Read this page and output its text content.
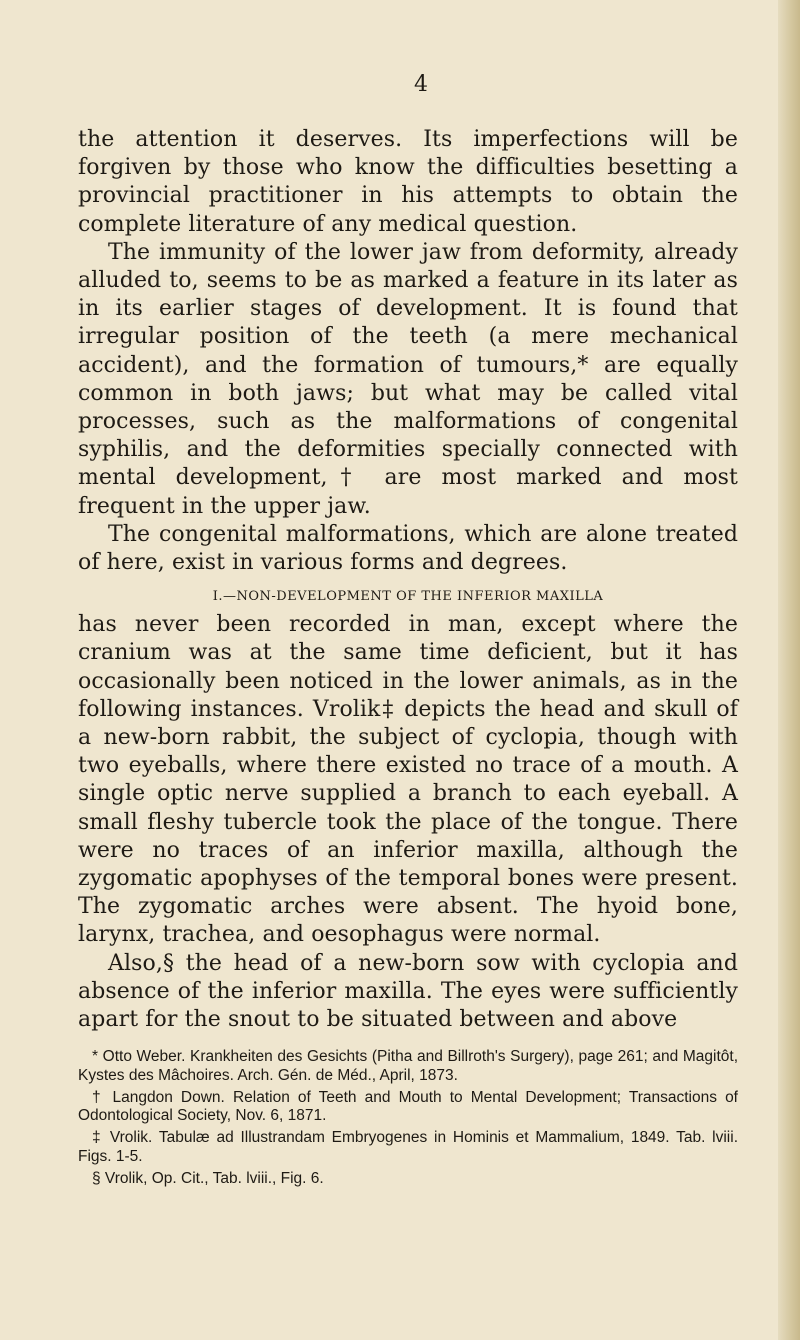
4

the attention it deserves. Its imperfections will be forgiven by those who know the difficulties besetting a provincial practitioner in his attempts to obtain the complete literature of any medical question.

The immunity of the lower jaw from deformity, already alluded to, seems to be as marked a feature in its later as in its earlier stages of development. It is found that irregular position of the teeth (a mere mechanical accident), and the formation of tumours,* are equally common in both jaws; but what may be called vital processes, such as the malformations of congenital syphilis, and the deformities specially connected with mental development,† are most marked and most frequent in the upper jaw.

The congenital malformations, which are alone treated of here, exist in various forms and degrees.

I.—NON-DEVELOPMENT OF THE INFERIOR MAXILLA

has never been recorded in man, except where the cranium was at the same time deficient, but it has occasionally been noticed in the lower animals, as in the following instances. Vrolik‡ depicts the head and skull of a new-born rabbit, the subject of cyclopia, though with two eyeballs, where there existed no trace of a mouth. A single optic nerve supplied a branch to each eyeball. A small fleshy tubercle took the place of the tongue. There were no traces of an inferior maxilla, although the zygomatic apophyses of the temporal bones were present. The zygomatic arches were absent. The hyoid bone, larynx, trachea, and oesophagus were normal.

Also,§ the head of a new-born sow with cyclopia and absence of the inferior maxilla. The eyes were sufficiently apart for the snout to be situated between and above

* Otto Weber. Krankheiten des Gesichts (Pitha and Billroth's Surgery), page 261; and Magitôt, Kystes des Mâchoires. Arch. Gén. de Méd., April, 1873.

† Langdon Down. Relation of Teeth and Mouth to Mental Development; Transactions of Odontological Society, Nov. 6, 1871.

‡ Vrolik. Tabulæ ad Illustrandam Embryogenes in Hominis et Mammalium, 1849. Tab. lviii. Figs. 1-5.

§ Vrolik, Op. Cit., Tab. lviii., Fig. 6.
